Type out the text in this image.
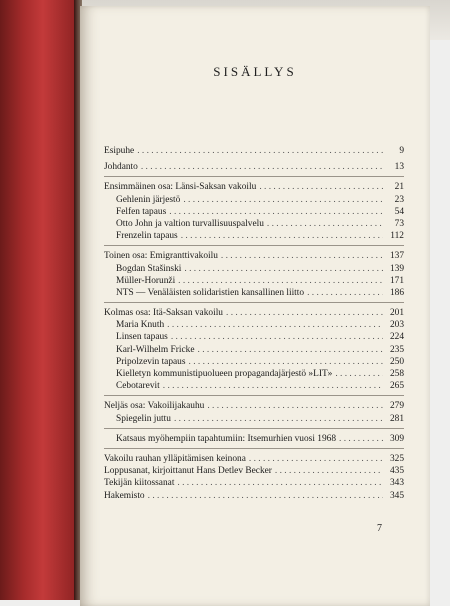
SISÄLLYS
Esipuhe . . .	9
Johdanto . . .	13
Ensimmäinen osa: Länsi-Saksan vakoilu . . .	21
Gehlenin järjestö . . .	23
Felfen tapaus . . .	54
Otto John ja valtion turvallisuuspalvelu . . .	73
Frenzelin tapaus . . .	112
Toinen osa: Emigranttivakoilu . . .	137
Bogdan Stašinski . . .	139
Müller-Horunži . . .	171
NTS — Venäläisten solidaristien kansallinen liitto . . .	186
Kolmas osa: Itä-Saksan vakoilu . . .	201
Maria Knuth . . .	203
Linsen tapaus . . .	224
Karl-Wilhelm Fricke . . .	235
Pripolzevin tapaus . . .	250
Kielletyn kommunistipuolueen propagandajärjestö »LIT» . . .	258
Cebotarevit . . .	265
Neljäs osa: Vakoilijakauhu . . .	279
Spiegelin juttu . . .	281
Katsaus myöhempiin tapahtumiin: Itsemurhien vuosi 1968 . . .	309
Vakoilu rauhan ylläpitämisen keinona . . .	325
Loppusanat, kirjoittanut Hans Detlev Becker . . .	435
Tekijän kiitossanat . . .	343
Hakemisto . . .	345
7
